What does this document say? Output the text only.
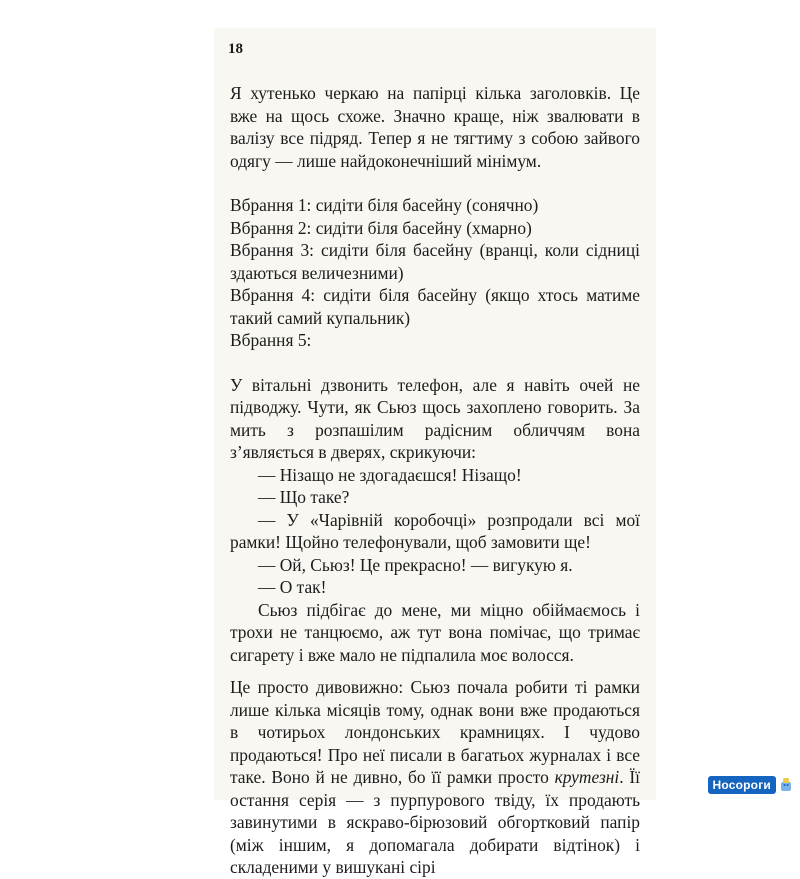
18

Я хутенько черкаю на папірці кілька заголовків. Це вже на щось схоже. Значно краще, ніж звалювати в валізу все підряд. Тепер я не тягтиму з собою зайвого одягу — лише найдоконечніший мінімум.

Вбрання 1: сидіти біля басейну (сонячно)

Вбрання 2: сидіти біля басейну (хмарно)

Вбрання 3: сидіти біля басейну (вранці, коли сідниці здаються величезними)

Вбрання 4: сидіти біля басейну (якщо хтось матиме такий самий купальник)

Вбрання 5:

У вітальні дзвонить телефон, але я навіть очей не підводжу. Чути, як Сьюз щось захоплено говорить. За мить з розпашілим радісним обличчям вона з’являється в дверях, скрикуючи:

— Нізащо не здогадаєшся! Нізащо!

— Що таке?

— У «Чарівній коробочці» розпродали всі мої рамки! Щойно телефонували, щоб замовити ще!

— Ой, Сьюз! Це прекрасно! — вигукую я.

— О так!

Сьюз підбігає до мене, ми міцно обіймаємось і трохи не танцюємо, аж тут вона помічає, що тримає сигарету і вже мало не підпалила моє волосся.

Це просто дивовижно: Сьюз почала робити ті рамки лише кілька місяців тому, однак вони вже продаються в чотирьох лондонських крамницях. І чудово продаються! Про неї писали в багатьох журналах і все таке. Воно й не дивно, бо її рамки просто крутезні. Її остання серія — з пурпурового твіду, їх продають завинутими в яскраво-бірюзовий обгортковий папір (між іншим, я допомагала добирати відтінок) і складеними у вишукані сірі

Носороги
